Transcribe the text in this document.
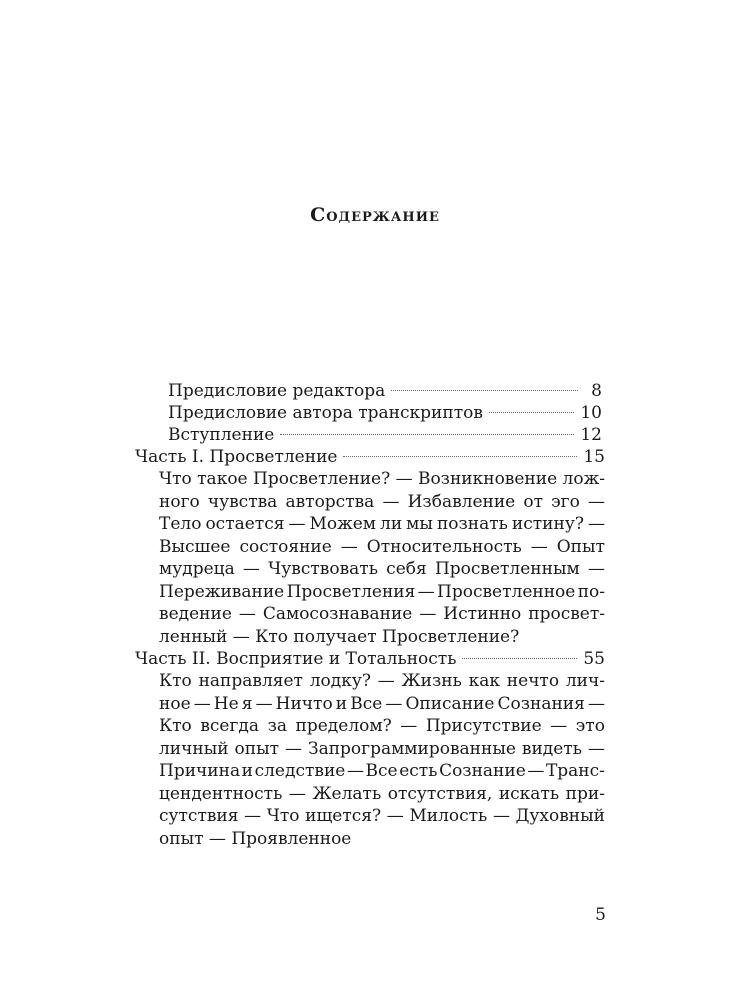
Содержание
Предисловие редактора	8
Предисловие автора транскриптов	10
Вступление	12
Часть I. Просветление	15
Что такое Просветление? — Возникновение лож-
ного чувства авторства — Избавление от эго —
Тело остается — Можем ли мы познать истину? —
Высшее состояние — Относительность — Опыт
мудреца — Чувствовать себя Просветленным —
Переживание Просветления — Просветленное по-
ведение — Самосознавание — Истинно просвет-
ленный — Кто получает Просветление?
Часть II. Восприятие и Тотальность	55
Кто направляет лодку? — Жизнь как нечто лич-
ное — Не я — Ничто и Все — Описание Сознания —
Кто всегда за пределом? — Присутствие — это
личный опыт — Запрограммированные видеть —
Причина и следствие — Все есть Сознание — Транс-
цендентность — Желать отсутствия, искать при-
сутствия — Что ищется? — Милость — Духовный
опыт — Проявленное
5
